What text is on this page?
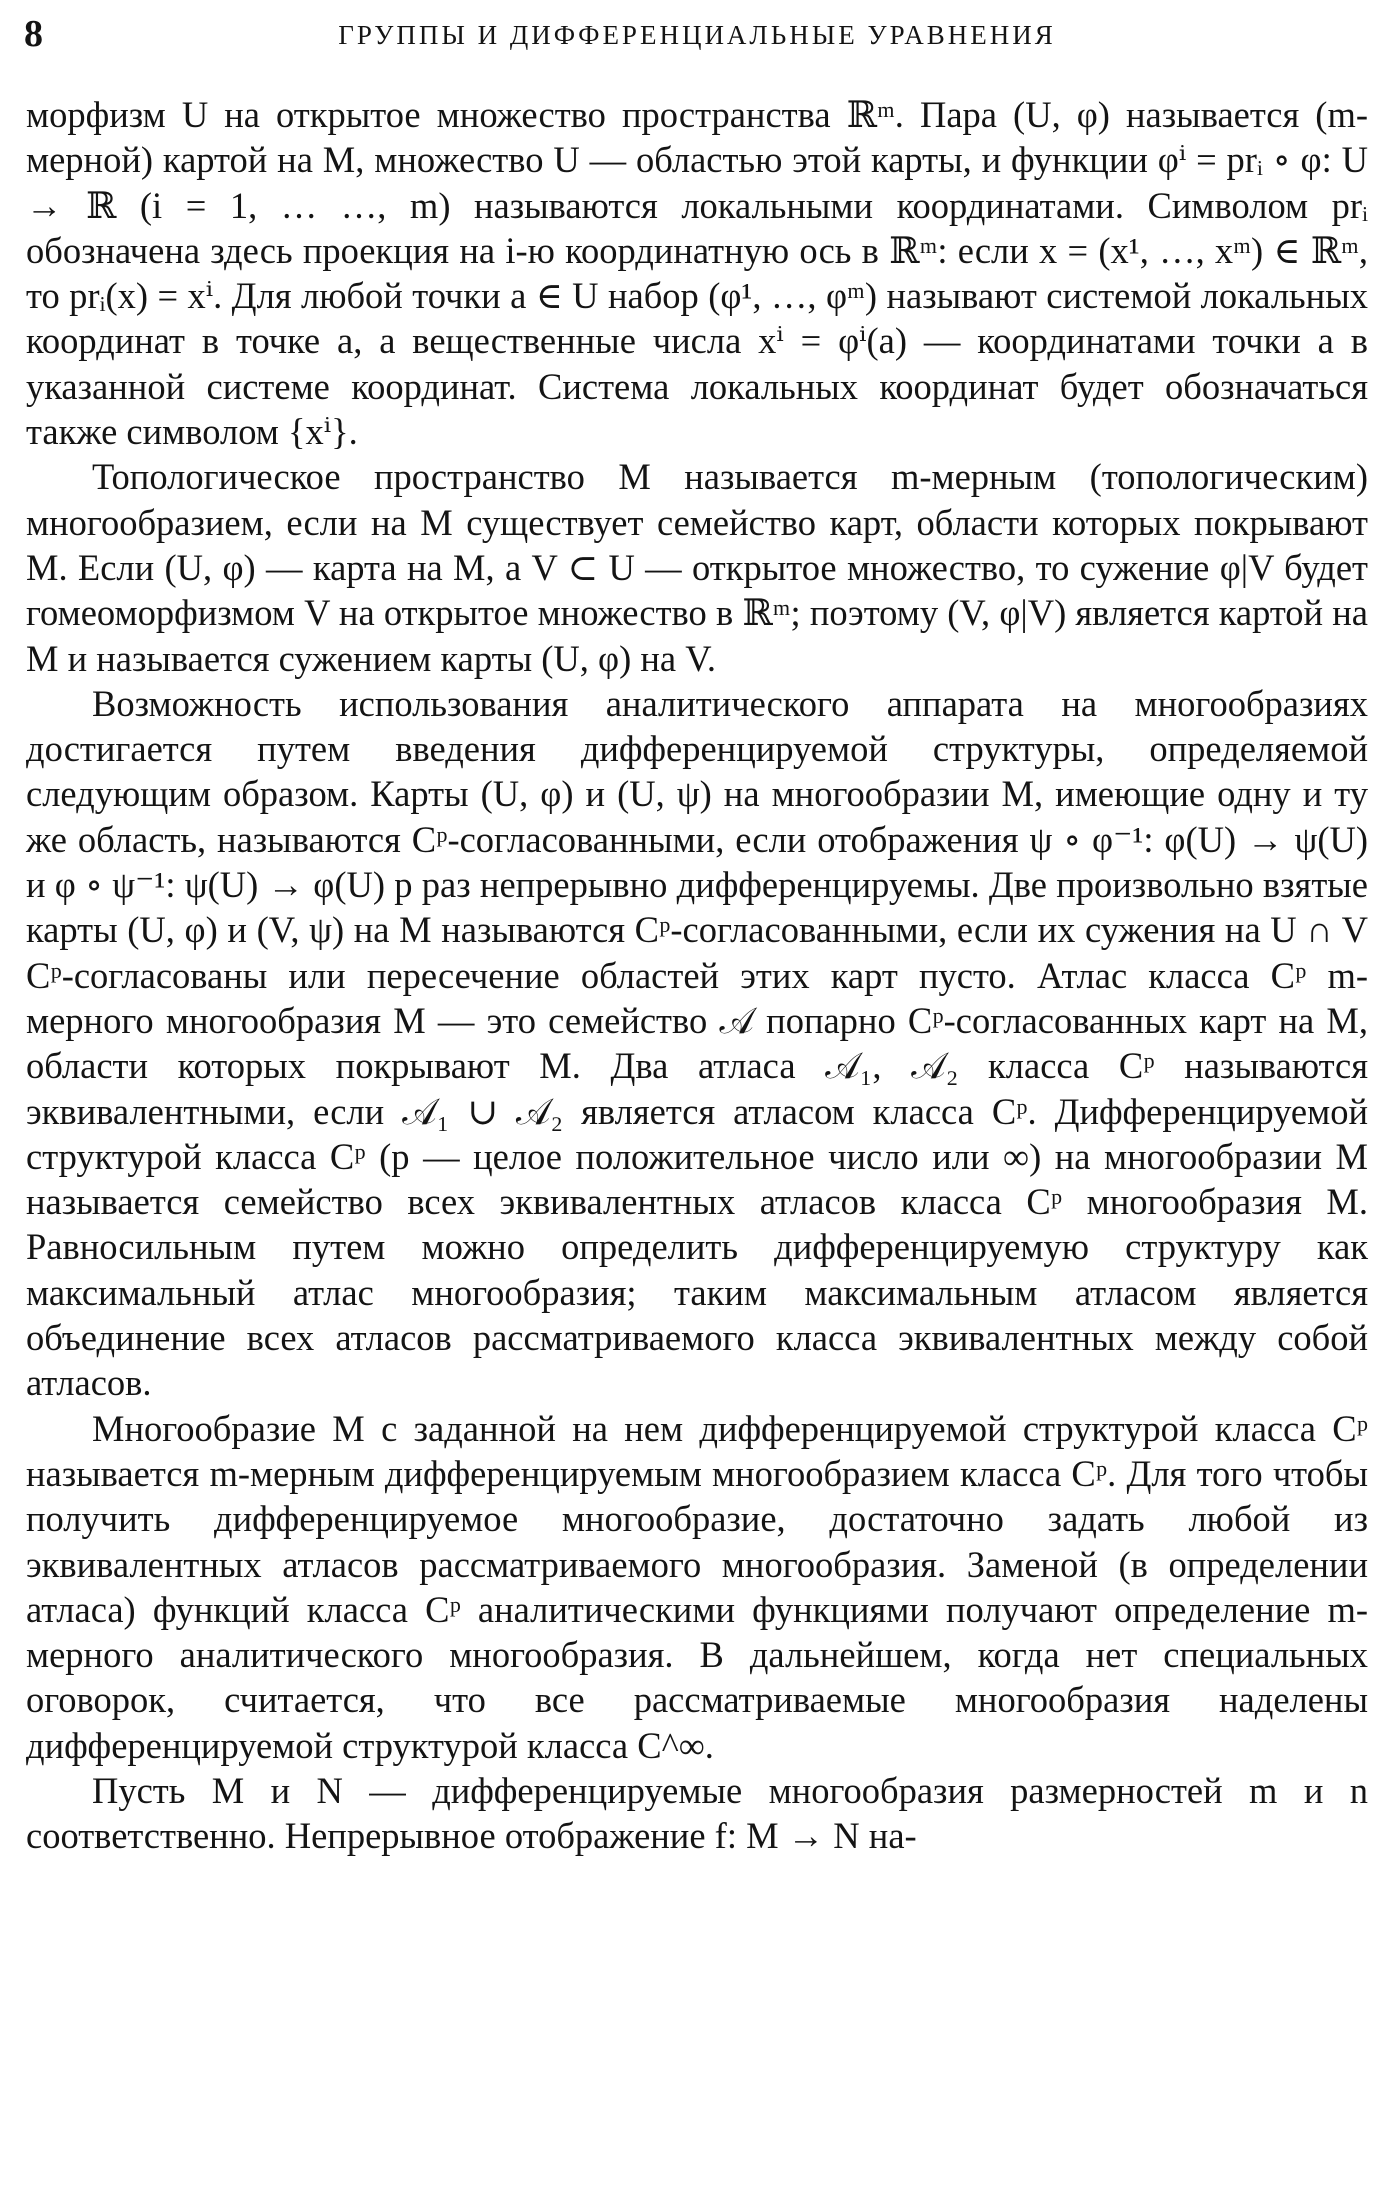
8	ГРУППЫ И ДИФФЕРЕНЦИАЛЬНЫЕ УРАВНЕНИЯ

морфизм U на открытое множество пространства ℝᵐ. Пара (U, φ) называется (m-мерной) картой на M, множество U — областью этой карты, и функции φⁱ = prᵢ ∘ φ: U → ℝ (i = 1, … …, m) называются локальными координатами. Символом prᵢ обозначена здесь проекция на i-ю координатную ось в ℝᵐ: если x = (x¹, …, xᵐ) ∈ ℝᵐ, то prᵢ(x) = xⁱ. Для любой точки a ∈ U набор (φ¹, …, φᵐ) называют системой локальных координат в точке a, а вещественные числа xⁱ = φⁱ(a) — координатами точки a в указанной системе координат. Система локальных координат будет обозначаться также символом {xⁱ}.

Топологическое пространство M называется m-мерным (топологическим) многообразием, если на M существует семейство карт, области которых покрывают M. Если (U, φ) — карта на M, а V ⊂ U — открытое множество, то сужение φ|V будет гомеоморфизмом V на открытое множество в ℝᵐ; поэтому (V, φ|V) является картой на M и называется сужением карты (U, φ) на V.

Возможность использования аналитического аппарата на многообразиях достигается путем введения дифференцируемой структуры, определяемой следующим образом. Карты (U, φ) и (U, ψ) на многообразии M, имеющие одну и ту же область, называются Cᵖ-согласованными, если отображения ψ ∘ φ⁻¹: φ(U) → ψ(U) и φ ∘ ψ⁻¹: ψ(U) → φ(U) p раз непрерывно дифференцируемы. Две произвольно взятые карты (U, φ) и (V, ψ) на M называются Cᵖ-согласованными, если их сужения на U ∩ V Cᵖ-согласованы или пересечение областей этих карт пусто. Атлас класса Cᵖ m-мерного многообразия M — это семейство 𝒜 попарно Cᵖ-согласованных карт на M, области которых покрывают M. Два атласа 𝒜₁, 𝒜₂ класса Cᵖ называются эквивалентными, если 𝒜₁ ∪ 𝒜₂ является атласом класса Cᵖ. Дифференцируемой структурой класса Cᵖ (p — целое положительное число или ∞) на многообразии M называется семейство всех эквивалентных атласов класса Cᵖ многообразия M. Равносильным путем можно определить дифференцируемую структуру как максимальный атлас многообразия; таким максимальным атласом является объединение всех атласов рассматриваемого класса эквивалентных между собой атласов.

Многообразие M с заданной на нем дифференцируемой структурой класса Cᵖ называется m-мерным дифференцируемым многообразием класса Cᵖ. Для того чтобы получить дифференцируемое многообразие, достаточно задать любой из эквивалентных атласов рассматриваемого многообразия. Заменой (в определении атласа) функций класса Cᵖ аналитическими функциями получают определение m-мерного аналитического многообразия. В дальнейшем, когда нет специальных оговорок, считается, что все рассматриваемые многообразия наделены дифференцируемой структурой класса C^∞.

Пусть M и N — дифференцируемые многообразия размерностей m и n соответственно. Непрерывное отображение f: M → N на-
